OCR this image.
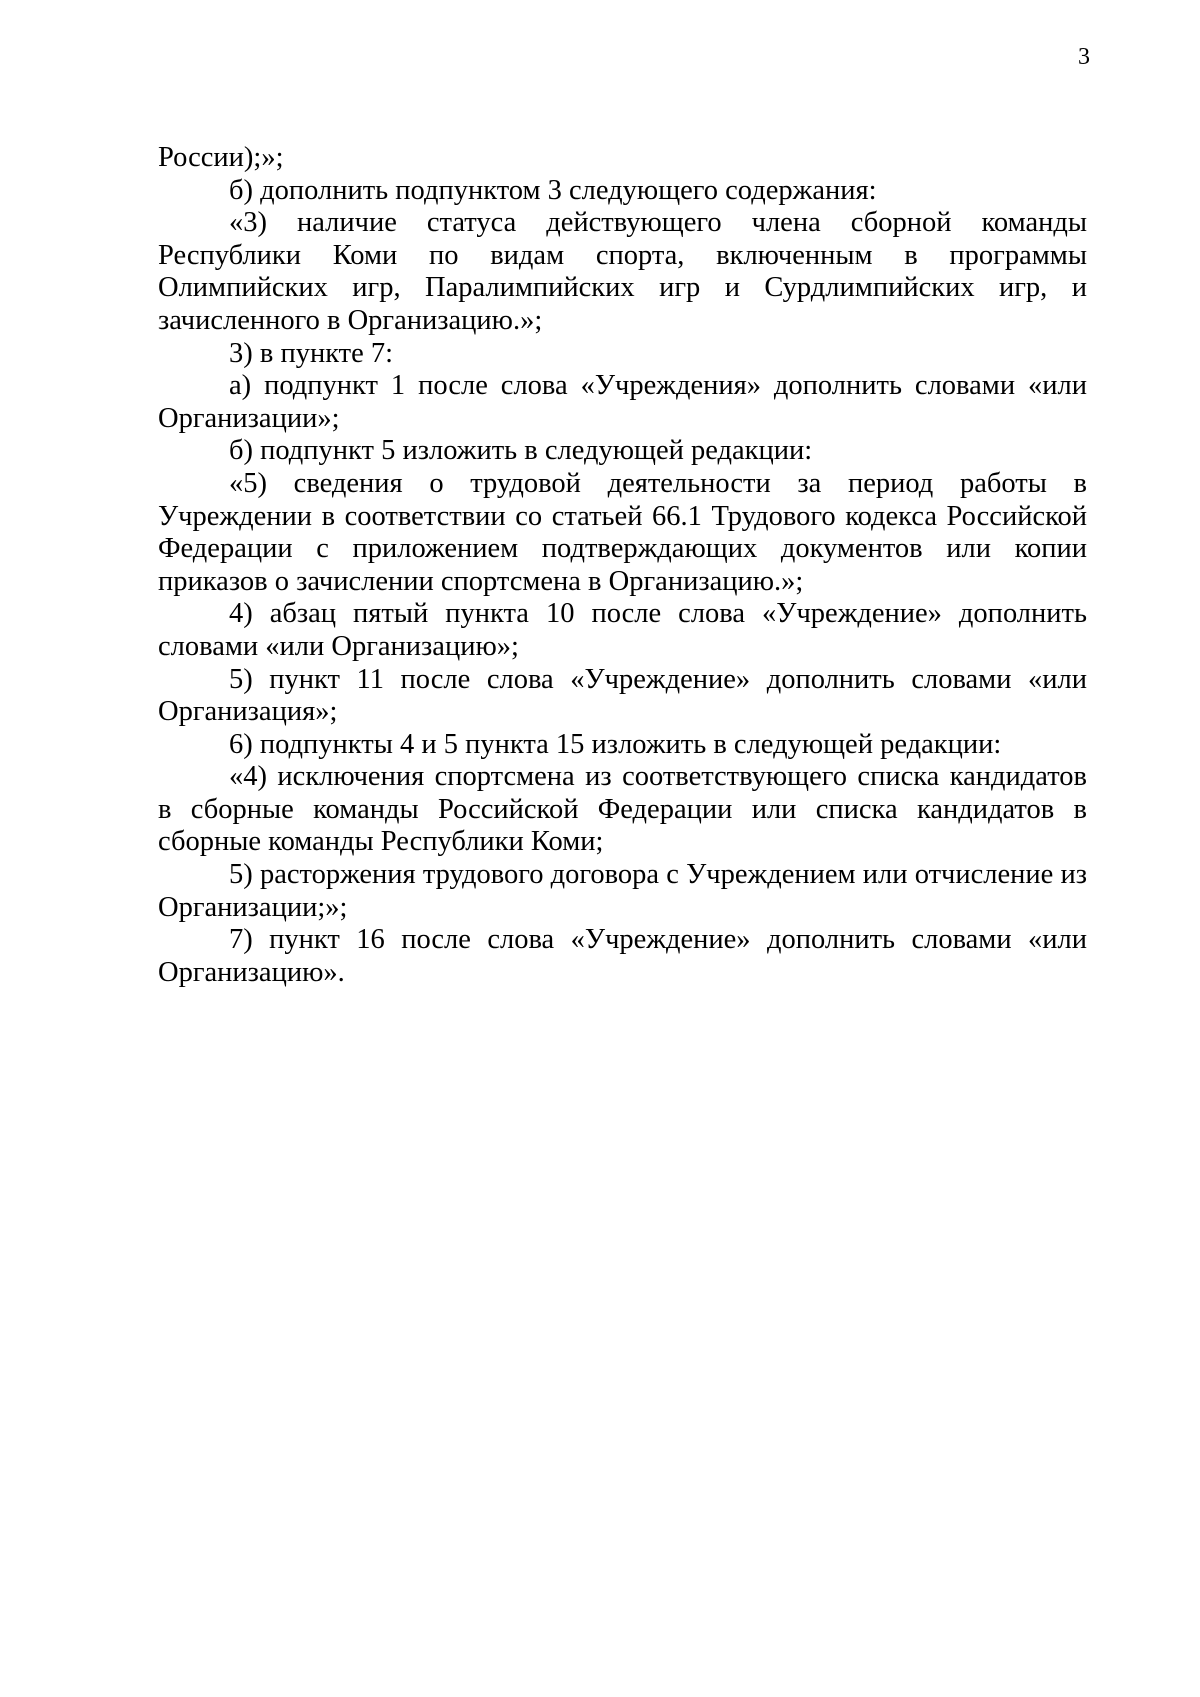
3

России);»;

б) дополнить подпунктом 3 следующего содержания:

«3) наличие статуса действующего члена сборной команды Республики Коми по видам спорта, включенным в программы Олимпийских игр, Паралимпийских игр и Сурдлимпийских игр, и зачисленного в Организацию.»;

3) в пункте 7:

а) подпункт 1 после слова «Учреждения» дополнить словами «или Организации»;

б) подпункт 5 изложить в следующей редакции:

«5) сведения о трудовой деятельности за период работы в Учреждении в соответствии со статьей 66.1 Трудового кодекса Российской Федерации с приложением подтверждающих документов или копии приказов о зачислении спортсмена в Организацию.»;

4) абзац пятый пункта 10 после слова «Учреждение» дополнить словами «или Организацию»;

5) пункт 11 после слова «Учреждение» дополнить словами «или Организация»;

6) подпункты 4 и 5 пункта 15 изложить в следующей редакции:

«4) исключения спортсмена из соответствующего списка кандидатов в сборные команды Российской Федерации или списка кандидатов в сборные команды Республики Коми;

5) расторжения трудового договора с Учреждением или отчисление из Организации;»;

7) пункт 16 после слова «Учреждение» дополнить словами «или Организацию».
